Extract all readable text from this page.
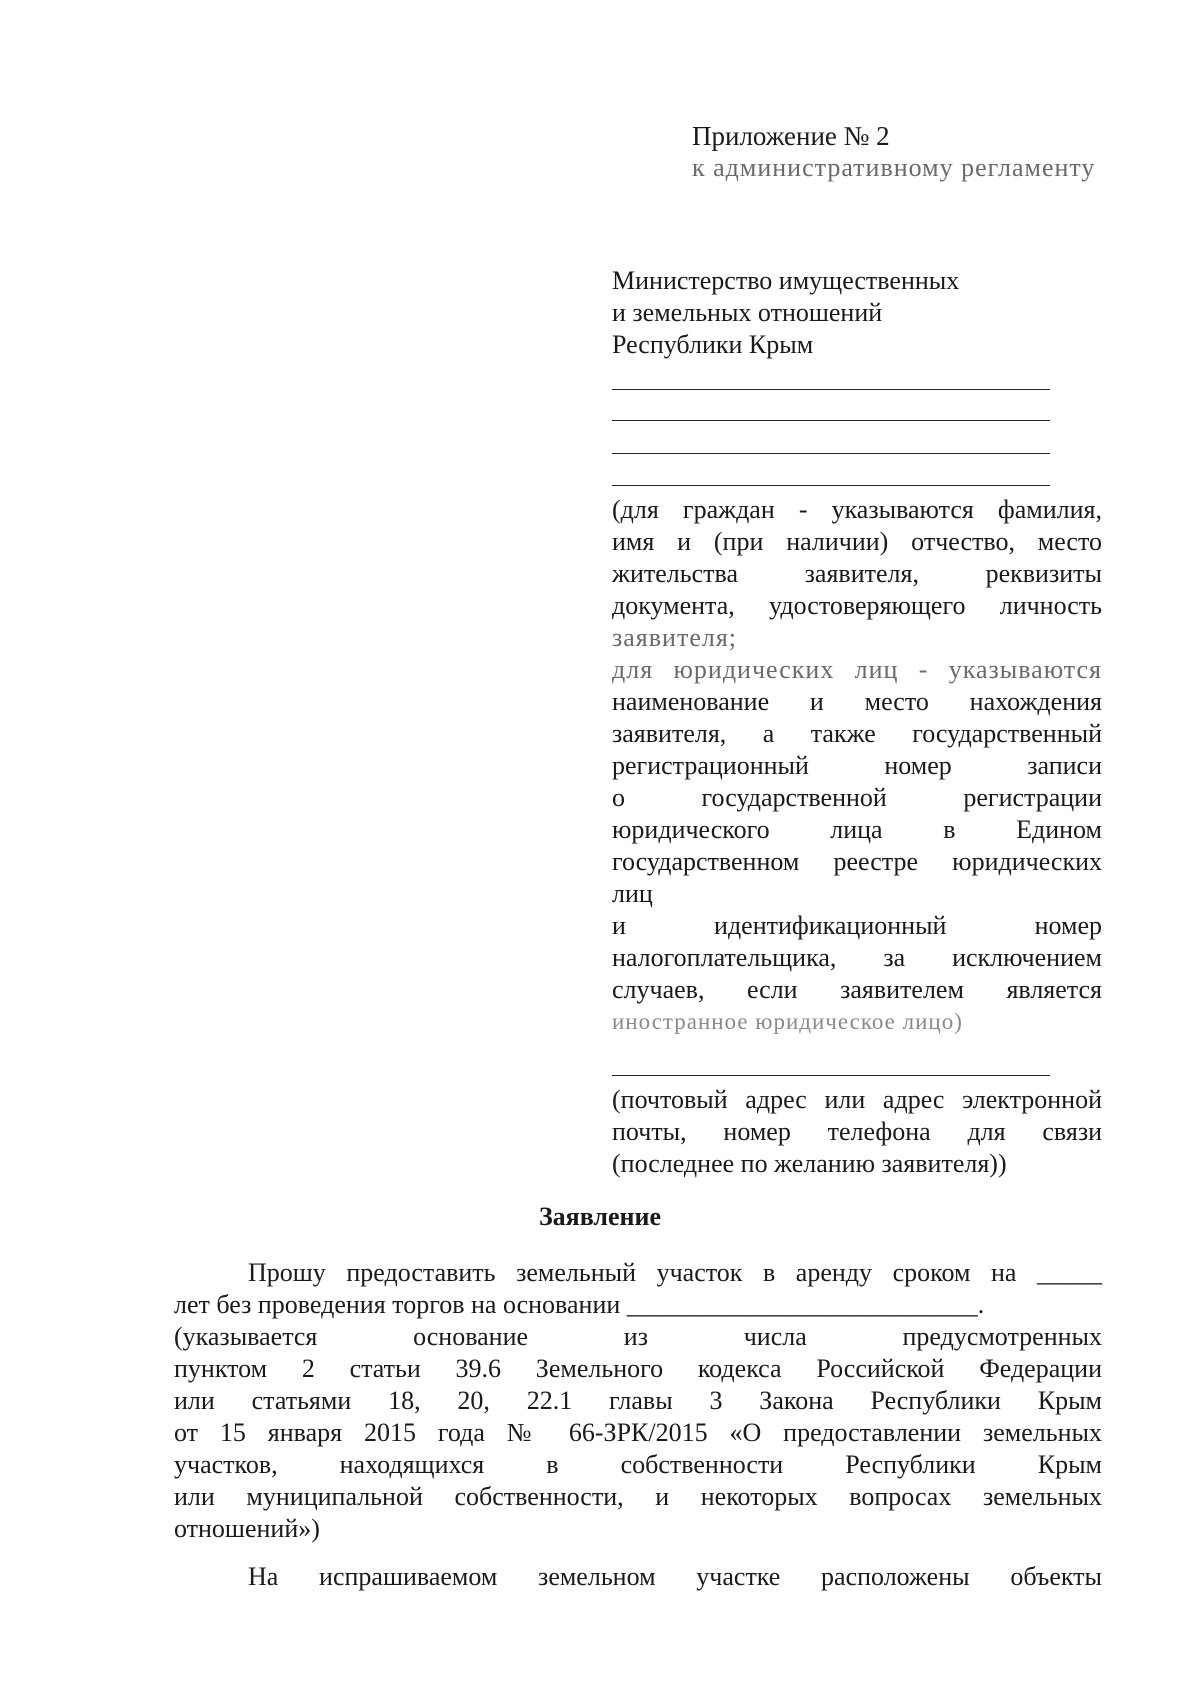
Приложение № 2
к административному регламенту
Министерство имущественных
и земельных отношений
Республики Крым
(для граждан - указываются фамилия,
имя и (при наличии) отчество, место
жительства заявителя, реквизиты
документа, удостоверяющего личность
заявителя;
для юридических лиц - указываются
наименование и место нахождения
заявителя, а также государственный
регистрационный номер записи
о государственной регистрации
юридического лица в Едином
государственном реестре юридических
лиц
и идентификационный номер
налогоплательщика, за исключением
случаев, если заявителем является
иностранное юридическое лицо)
(почтовый адрес или адрес электронной
почты, номер телефона для связи
(последнее по желанию заявителя))
Заявление
Прошу предоставить земельный участок в аренду сроком на _____
лет без проведения торгов на основании ___________________________.
(указывается основание из числа предусмотренных
пунктом 2 статьи 39.6 Земельного кодекса Российской Федерации
или статьями 18, 20, 22.1 главы 3 Закона Республики Крым
от 15 января 2015 года № 66-ЗРК/2015 «О предоставлении земельных
участков, находящихся в собственности Республики Крым
или муниципальной собственности, и некоторых вопросах земельных
отношений»)
На испрашиваемом земельном участке расположены объекты
